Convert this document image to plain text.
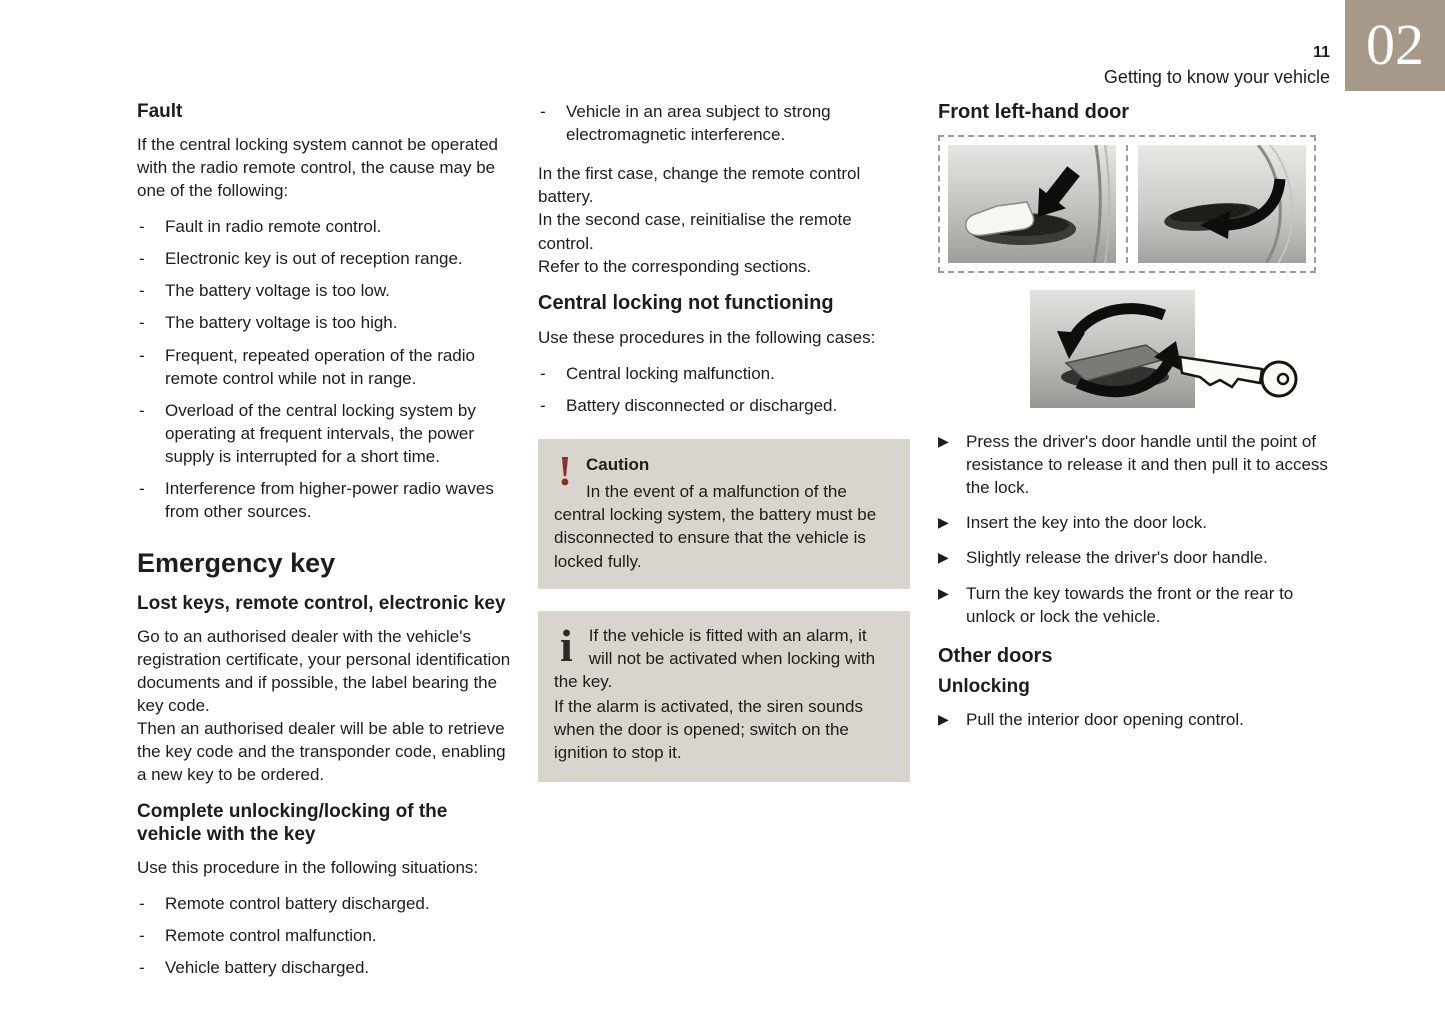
02
11
Getting to know your vehicle
Fault

If the central locking system cannot be operated with the radio remote control, the cause may be one of the following:

- Fault in radio remote control.
- Electronic key is out of reception range.
- The battery voltage is too low.
- The battery voltage is too high.
- Frequent, repeated operation of the radio remote control while not in range.
- Overload of the central locking system by operating at frequent intervals, the power supply is interrupted for a short time.
- Interference from higher-power radio waves from other sources.
Emergency key
Lost keys, remote control, electronic key

Go to an authorised dealer with the vehicle's registration certificate, your personal identification documents and if possible, the label bearing the key code.

Then an authorised dealer will be able to retrieve the key code and the transponder code, enabling a new key to be ordered.

Complete unlocking/locking of the vehicle with the key

Use this procedure in the following situations:

- Remote control battery discharged.
- Remote control malfunction.
- Vehicle battery discharged.
- Vehicle in an area subject to strong electromagnetic interference.

In the first case, change the remote control battery.

In the second case, reinitialise the remote control.

Refer to the corresponding sections.

Central locking not functioning

Use these procedures in the following cases:

- Central locking malfunction.
- Battery disconnected or discharged.
! Caution
In the event of a malfunction of the central locking system, the battery must be disconnected to ensure that the vehicle is locked fully.
i If the vehicle is fitted with an alarm, it will not be activated when locking with the key.

If the alarm is activated, the siren sounds when the door is opened; switch on the ignition to stop it.

Front left-hand door
▶ Press the driver's door handle until the point of resistance to release it and then pull it to access the lock.
▶ Insert the key into the door lock.
▶ Slightly release the driver's door handle.
▶ Turn the key towards the front or the rear to unlock or lock the vehicle.
Other doors
Unlocking
▶ Pull the interior door opening control.
